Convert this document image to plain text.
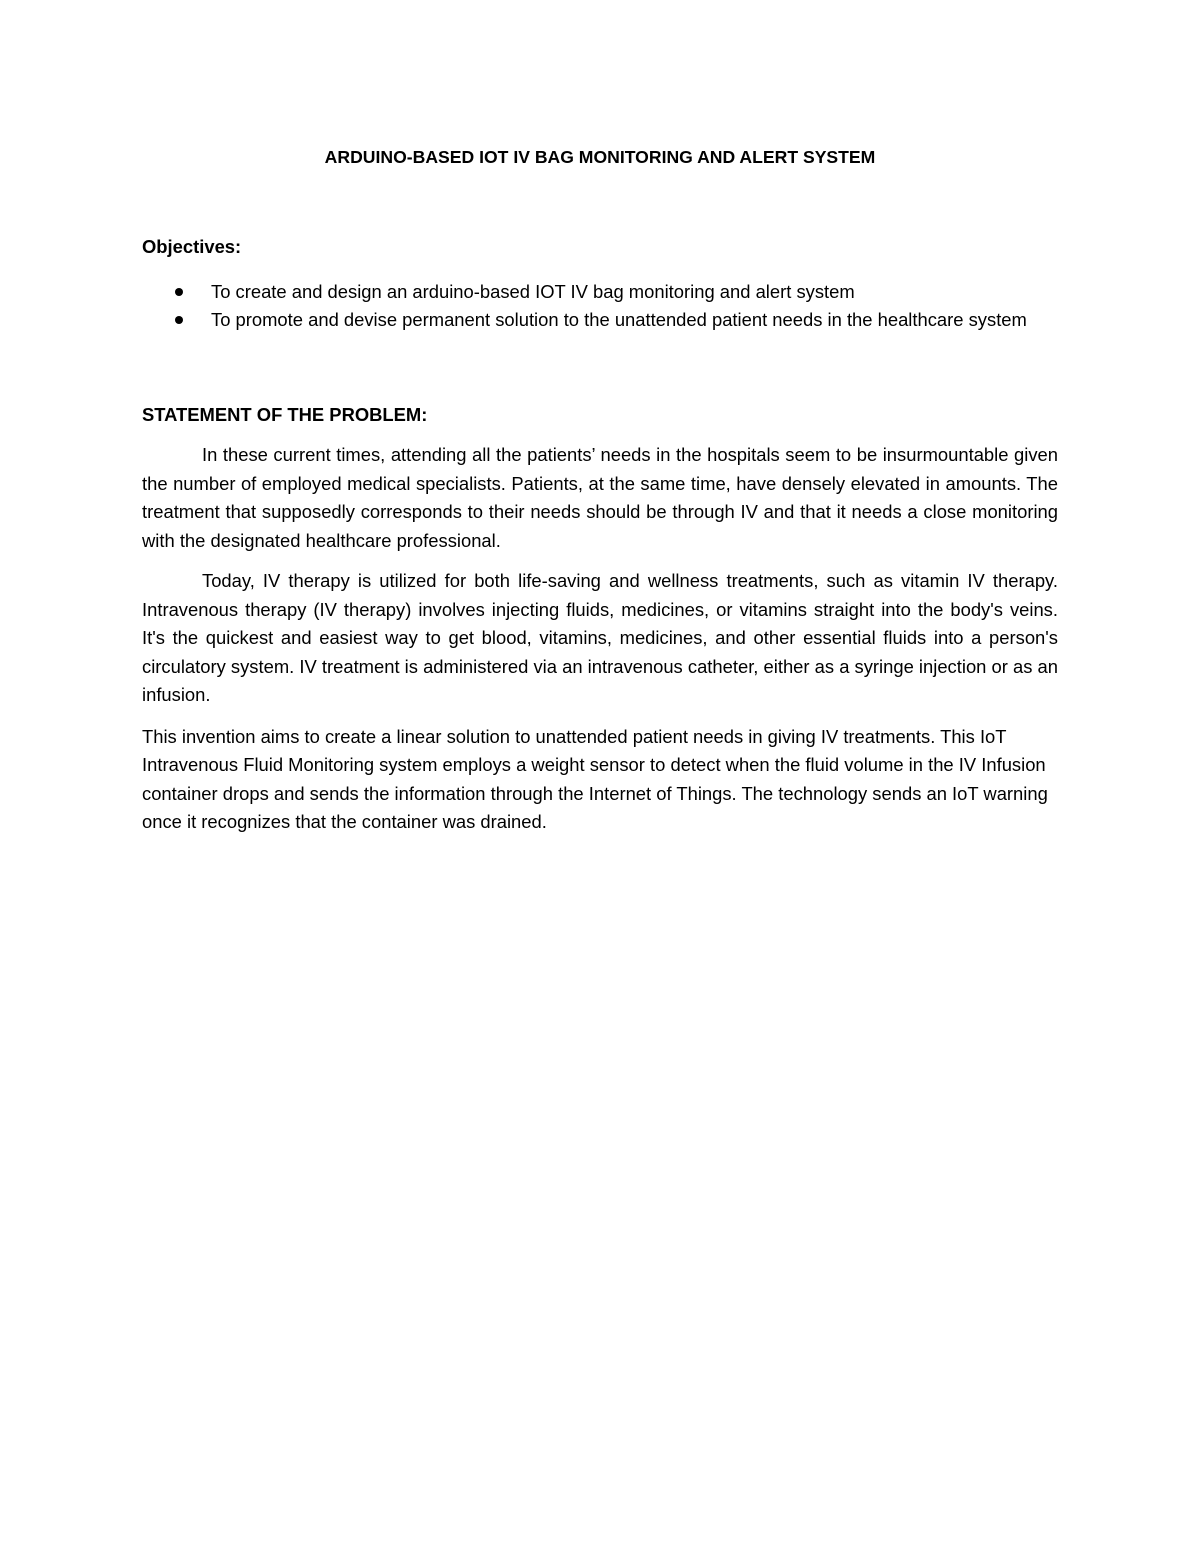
ARDUINO-BASED IOT IV BAG MONITORING AND ALERT SYSTEM
Objectives:
To create and design an arduino-based IOT IV bag monitoring and alert system
To promote and devise permanent solution to the unattended patient needs in the healthcare system
STATEMENT OF THE PROBLEM:

In these current times, attending all the patients’ needs in the hospitals seem to be insurmountable given the number of employed medical specialists. Patients, at the same time, have densely elevated in amounts. The treatment that supposedly corresponds to their needs should be through IV and that it needs a close monitoring with the designated healthcare professional.

Today, IV therapy is utilized for both life-saving and wellness treatments, such as vitamin IV therapy. Intravenous therapy (IV therapy) involves injecting fluids, medicines, or vitamins straight into the body's veins. It's the quickest and easiest way to get blood, vitamins, medicines, and other essential fluids into a person's circulatory system. IV treatment is administered via an intravenous catheter, either as a syringe injection or as an infusion.

This invention aims to create a linear solution to unattended patient needs in giving IV treatments. This IoT Intravenous Fluid Monitoring system employs a weight sensor to detect when the fluid volume in the IV Infusion container drops and sends the information through the Internet of Things. The technology sends an IoT warning once it recognizes that the container was drained.
